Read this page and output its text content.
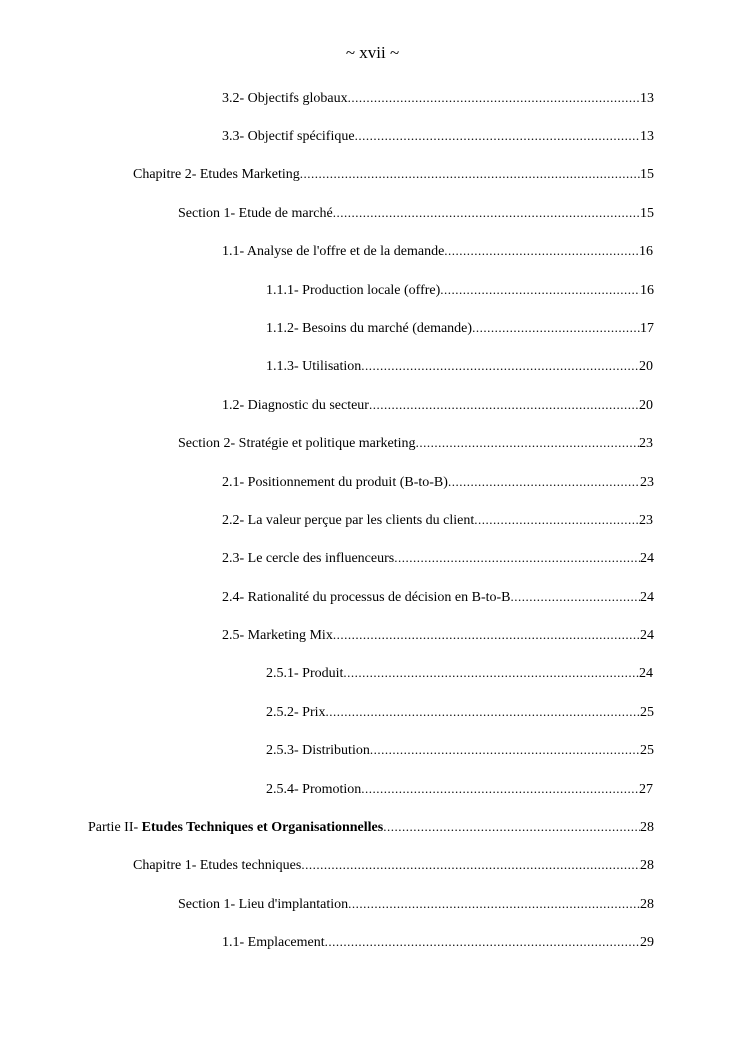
~ xvii ~
3.2- Objectifs globaux .....	13
3.3- Objectif spécifique .....	13
Chapitre 2- Etudes Marketing .....	15
Section 1- Etude de marché .....	15
1.1- Analyse de l'offre et de la demande .....	16
1.1.1- Production locale (offre) .....	16
1.1.2- Besoins du marché (demande) .....	17
1.1.3- Utilisation .....	20
1.2- Diagnostic du secteur .....	20
Section 2- Stratégie et politique marketing .....	23
2.1- Positionnement du produit (B-to-B) .....	23
2.2- La valeur perçue par les clients du client .....	23
2.3- Le cercle des influenceurs .....	24
2.4- Rationalité du processus de décision en B-to-B .....	24
2.5- Marketing Mix .....	24
2.5.1- Produit .....	24
2.5.2- Prix .....	25
2.5.3- Distribution .....	25
2.5.4- Promotion .....	27
Partie II- Etudes Techniques et Organisationnelles .....	28
Chapitre 1- Etudes techniques .....	28
Section 1- Lieu d'implantation .....	28
1.1- Emplacement .....	29
